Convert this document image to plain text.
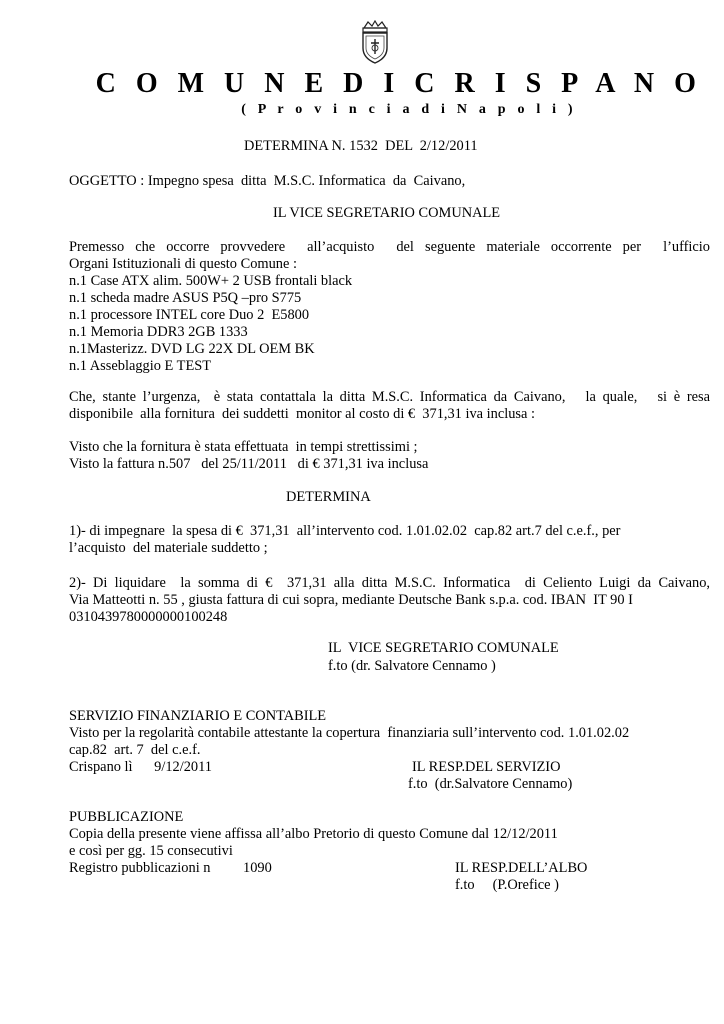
C O M U N E D I C R I S P A N O
( P r o v i n c i a d i N a p o l i )
DETERMINA N. 1532  DEL  2/12/2011
OGGETTO : Impegno spesa  ditta  M.S.C. Informatica  da  Caivano,
IL VICE SEGRETARIO COMUNALE
Premesso che occorre provvedere  all’acquisto  del seguente materiale occorrente per  l’ufficio
Organi Istituzionali di questo Comune :
n.1 Case ATX alim. 500W+ 2 USB frontali black
n.1 scheda madre ASUS P5Q –pro S775
n.1 processore INTEL core Duo 2  E5800
n.1 Memoria DDR3 2GB 1333
n.1Masterizz. DVD LG 22X DL OEM BK
n.1 Asseblaggio E TEST
Che, stante l’urgenza,  è stata contattala la ditta M.S.C. Informatica da Caivano,   la quale,   si è resa
disponibile  alla fornitura  dei suddetti  monitor al costo di €  371,31 iva inclusa :
Visto che la fornitura è stata effettuata  in tempi strettissimi ;
Visto la fattura n.507   del 25/11/2011   di € 371,31 iva inclusa
DETERMINA
1)- di impegnare  la spesa di €  371,31  all’intervento cod. 1.01.02.02  cap.82 art.7 del c.e.f., per
l’acquisto  del materiale suddetto ;
2)- Di liquidare  la somma di €  371,31 alla ditta M.S.C. Informatica  di Celiento Luigi da Caivano,
Via Matteotti n. 55 , giusta fattura di cui sopra, mediante Deutsche Bank s.p.a. cod. IBAN  IT 90 I
0310439780000000100248
IL  VICE SEGRETARIO COMUNALE
f.to (dr. Salvatore Cennamo )
SERVIZIO FINANZIARIO E CONTABILE
Visto per la regolarità contabile attestante la copertura  finanziaria sull’intervento cod. 1.01.02.02
cap.82  art. 7  del c.e.f.
Crispano lì      9/12/2011	IL RESP.DEL SERVIZIO
f.to  (dr.Salvatore Cennamo)
PUBBLICAZIONE
Copia della presente viene affissa all’albo Pretorio di questo Comune dal 12/12/2011
e così per gg. 15 consecutivi
Registro pubblicazioni n 1090	IL RESP.DELL’ALBO
f.to     (P.Orefice )
